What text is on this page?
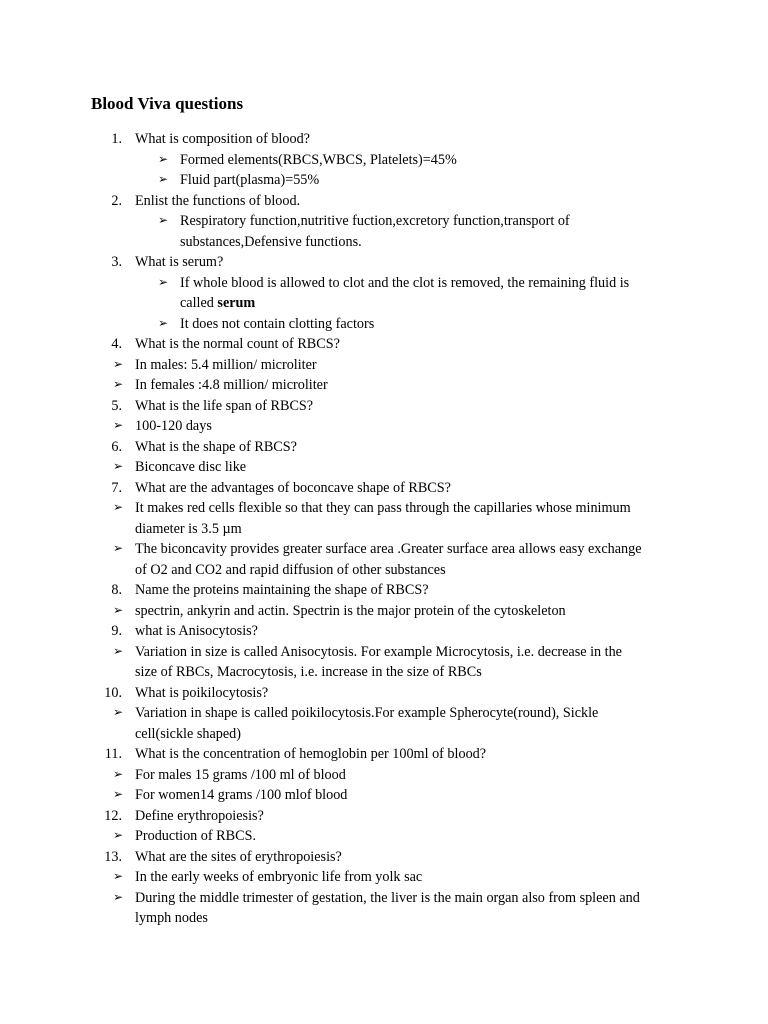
Blood Viva questions
1. What is composition of blood?
➢ Formed elements(RBCS,WBCS, Platelets)=45%
➢ Fluid part(plasma)=55%
2. Enlist the functions of blood.
➢ Respiratory function,nutritive fuction,excretory function,transport of
substances,Defensive functions.
3. What is serum?
➢ If whole blood is allowed to clot and the clot is removed, the remaining fluid is
called serum
➢ It does not contain clotting factors
4. What is the normal count of RBCS?
➢ In males: 5.4 million/ microliter
➢ In females :4.8 million/ microliter
5. What is the life span of RBCS?
➢ 100-120 days
6. What is the shape of RBCS?
➢ Biconcave disc like
7. What are the advantages of boconcave shape of RBCS?
➢ It makes red cells flexible so that they can pass through the capillaries whose minimum
diameter is 3.5 µm
➢ The biconcavity provides greater surface area .Greater surface area allows easy exchange
of O2 and CO2 and rapid diffusion of other substances
8. Name the proteins maintaining the shape of RBCS?
➢ spectrin, ankyrin and actin. Spectrin is the major protein of the cytoskeleton
9. what is Anisocytosis?
➢ Variation in size is called Anisocytosis. For example Microcytosis, i.e. decrease in the
size of RBCs, Macrocytosis, i.e. increase in the size of RBCs
10. What is poikilocytosis?
➢ Variation in shape is called poikilocytosis.For example Spherocyte(round), Sickle
cell(sickle shaped)
11. What is the concentration of hemoglobin per 100ml of blood?
➢ For males 15 grams /100 ml of blood
➢ For women14 grams /100 mlof blood
12. Define erythropoiesis?
➢ Production of RBCS.
13. What are the sites of erythropoiesis?
➢ In the early weeks of embryonic life from yolk sac
➢ During the middle trimester of gestation, the liver is the main organ also from spleen and
lymph nodes
